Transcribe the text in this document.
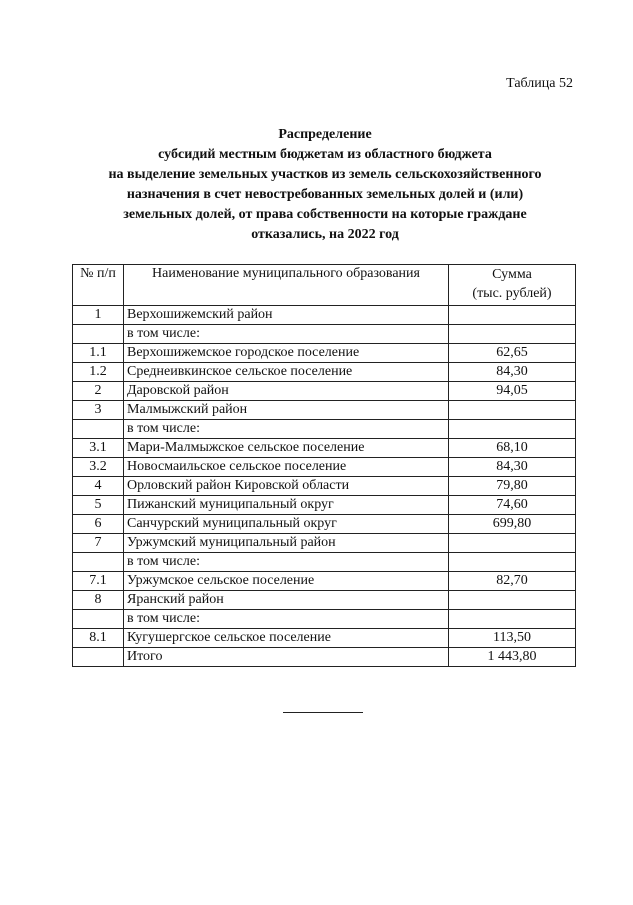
Таблица 52
Распределение
субсидий местным бюджетам из областного бюджета
на выделение земельных участков из земель сельскохозяйственного
назначения в счет невостребованных земельных долей и (или)
земельных долей, от права собственности на которые граждане
отказались, на 2022 год
№ п/п	Наименование муниципального образования	Сумма
(тыс. рублей)

1	Верхошижемский район	
	в том числе:	
1.1	Верхошижемское городское поселение	62,65
1.2	Среднеивкинское сельское поселение	84,30
2	Даровской район	94,05
3	Малмыжский район	
	в том числе:	
3.1	Мари-Малмыжское сельское поселение	68,10
3.2	Новосмаильское сельское поселение	84,30
4	Орловский район Кировской области	79,80
5	Пижанский муниципальный округ	74,60
6	Санчурский муниципальный округ	699,80
7	Уржумский муниципальный район	
	в том числе:	
7.1	Уржумское сельское поселение	82,70
8	Яранский район	
	в том числе:	
8.1	Кугушергское сельское поселение	113,50
	Итого	1 443,80
